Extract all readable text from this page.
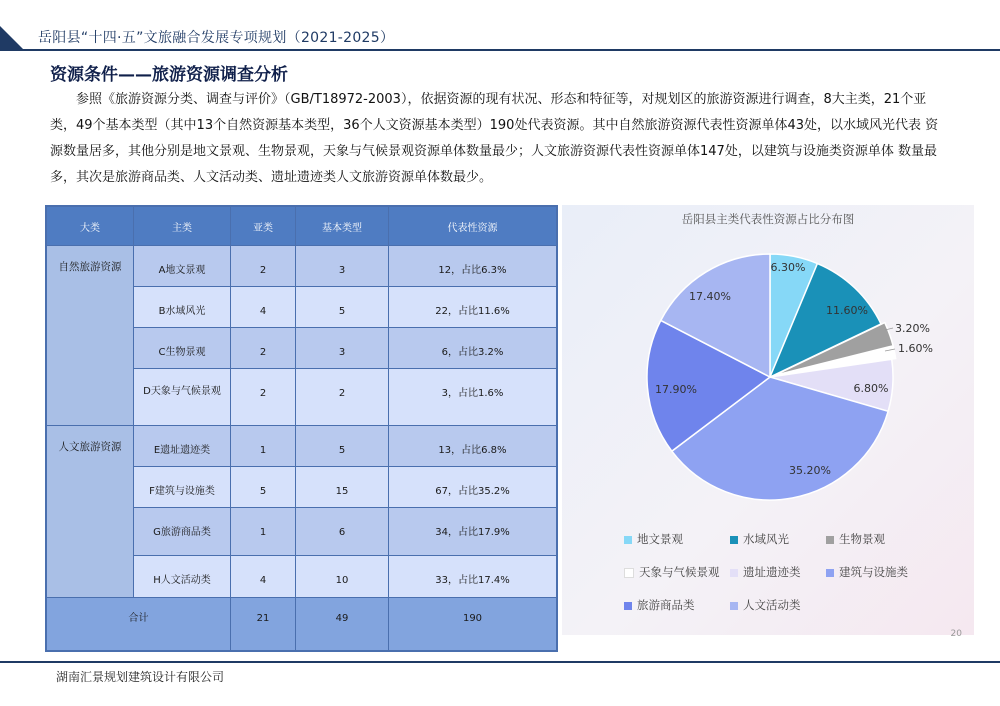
岳阳县“十四·五”文旅融合发展专项规划（2021-2025）
资源条件——旅游资源调查分析
参照《旅游资源分类、调查与评价》（GB/T18972-2003），依据资源的现有状况、形态和特征等，对规划区的旅游资源进行调查，8大主类，21个亚 类，49个基本类型（其中13个自然资源基本类型，36个人文资源基本类型）190处代表资源。其中自然旅游资源代表性资源单体43处，以水域风光代表 资源数量居多，其他分别是地文景观、生物景观，天象与气候景观资源单体数量最少；人文旅游资源代表性资源单体147处，以建筑与设施类资源单体 数量最多，其次是旅游商品类、人文活动类、遗址遗迹类人文旅游资源单体数最少。
大类	主类	亚类	基本类型	代表性资源
自然旅游资源	A地文景观	2	3	12，占比6.3%
	B水域风光	4	5	22，占比11.6%
	C生物景观	2	3	6，占比3.2%
	D天象与气候景观	2	2	3，占比1.6%
人文旅游资源	E遗址遗迹类	1	5	13，占比6.8%
	F建筑与设施类	5	15	67，占比35.2%
	G旅游商品类	1	6	34，占比17.9%
	H人文活动类	4	10	33，占比17.4%
合计		21	49	190
岳阳县主类代表性资源占比分布图
6.30%
11.60%
3.20%
1.60%
6.80%
35.20%
17.90%
17.40%
地文景观	水域风光	生物景观
天象与气候景观	遗址遗迹类	建筑与设施类
旅游商品类	人文活动类
20
湖南汇景规划建筑设计有限公司
